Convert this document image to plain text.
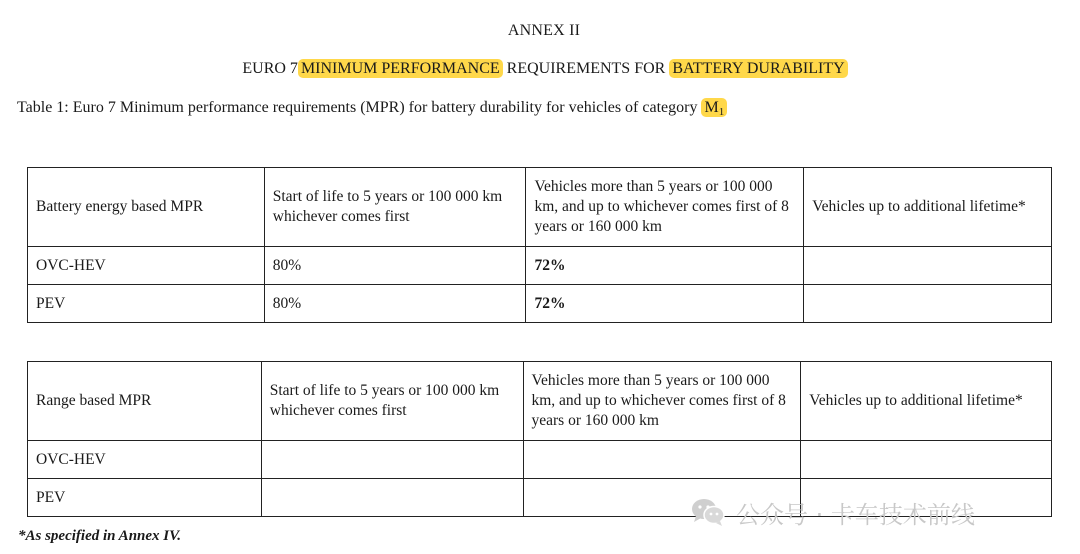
ANNEX II
EURO 7 MINIMUM PERFORMANCE REQUIREMENTS FOR BATTERY DURABILITY
Table 1: Euro 7 Minimum performance requirements (MPR) for battery durability for vehicles of category $M_1$
Battery energy based MPR	Start of life to 5 years or 100 000 km whichever comes first	Vehicles more than 5 years or 100 000 km, and up to whichever comes first of 8 years or 160 000 km	Vehicles up to additional lifetime*
OVC-HEV	80%	72%	
PEV	80%	72%	
Range based MPR	Start of life to 5 years or 100 000 km whichever comes first	Vehicles more than 5 years or 100 000 km, and up to whichever comes first of 8 years or 160 000 km	Vehicles up to additional lifetime*
OVC-HEV			
PEV			
*As specified in Annex IV.
公众号 · 卡车技术前线
